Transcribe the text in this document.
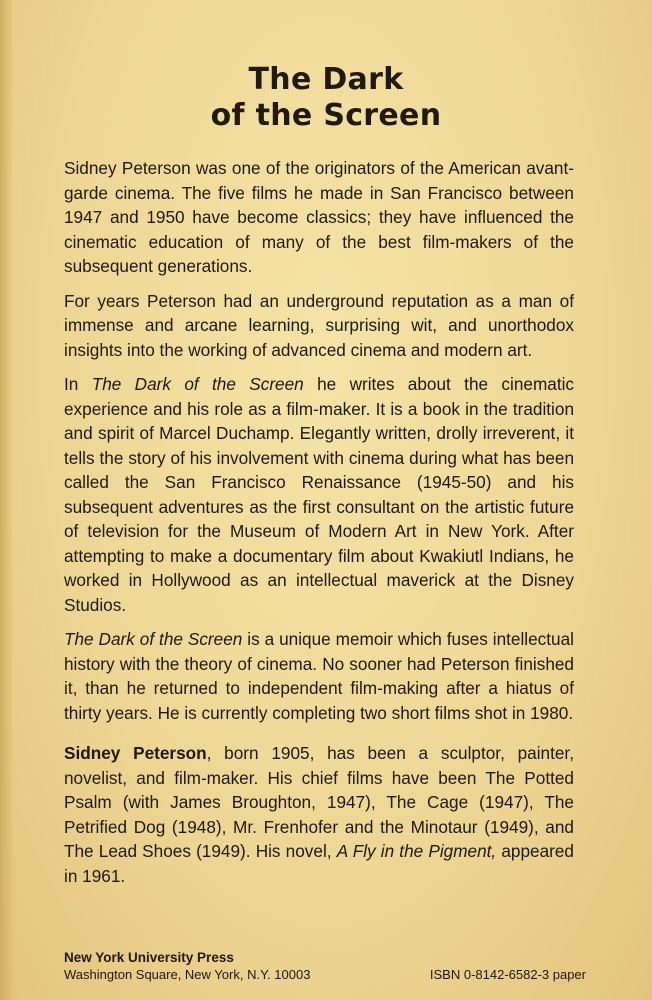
The Dark
of the Screen

Sidney Peterson was one of the originators of the American avant-garde cinema. The five films he made in San Francisco between 1947 and 1950 have become classics; they have influenced the cinematic education of many of the best film-makers of the subsequent generations.

For years Peterson had an underground reputation as a man of immense and arcane learning, surprising wit, and unorthodox insights into the working of advanced cinema and modern art.

In The Dark of the Screen he writes about the cinematic experience and his role as a film-maker. It is a book in the tradition and spirit of Marcel Duchamp. Elegantly written, drolly irreverent, it tells the story of his involvement with cinema during what has been called the San Francisco Renaissance (1945-50) and his subsequent adventures as the first consultant on the artistic future of television for the Museum of Modern Art in New York. After attempting to make a documentary film about Kwakiutl Indians, he worked in Hollywood as an intellectual maverick at the Disney Studios.

The Dark of the Screen is a unique memoir which fuses intellectual history with the theory of cinema. No sooner had Peterson finished it, than he returned to independent film-making after a hiatus of thirty years. He is currently completing two short films shot in 1980.

Sidney Peterson, born 1905, has been a sculptor, painter, novelist, and film-maker. His chief films have been The Potted Psalm (with James Broughton, 1947), The Cage (1947), The Petrified Dog (1948), Mr. Frenhofer and the Minotaur (1949), and The Lead Shoes (1949). His novel, A Fly in the Pigment, appeared in 1961.

New York University Press
Washington Square, New York, N.Y. 10003	ISBN 0-8142-6582-3 paper
